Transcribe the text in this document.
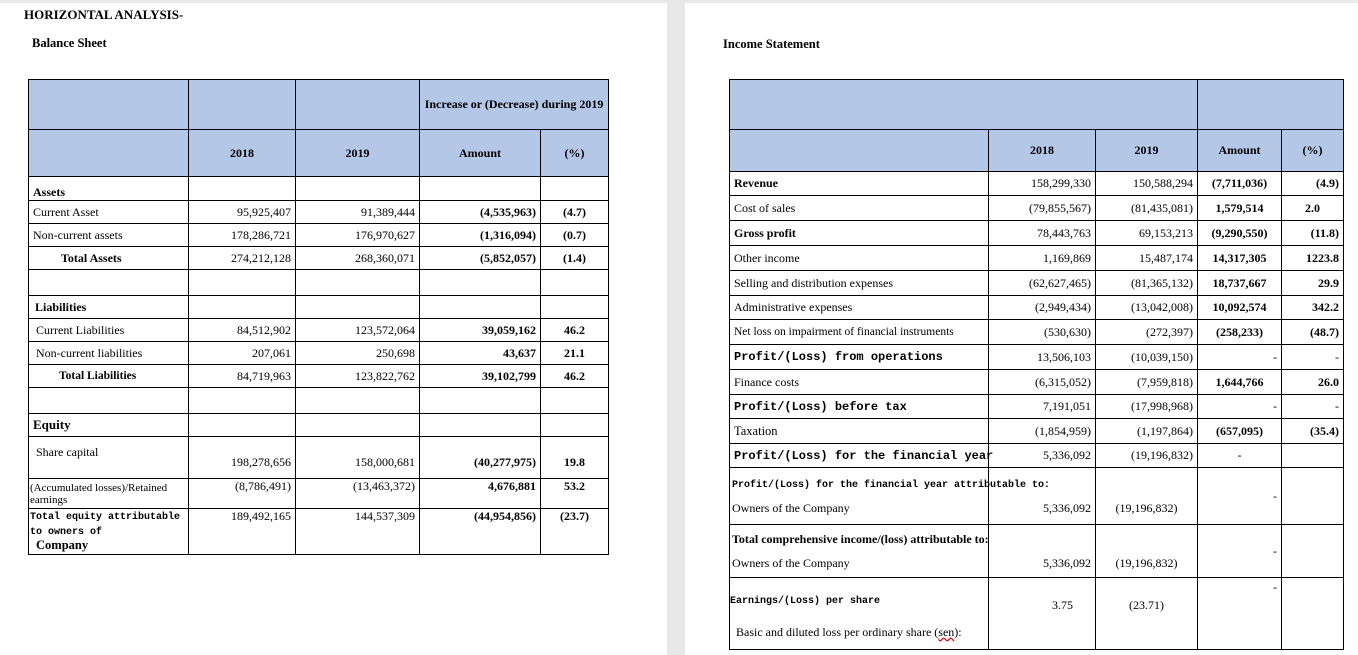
HORIZONTAL ANALYSIS-
Balance Sheet
			Increase or (Decrease) during 2019	
	2018	2019	Amount	(%)
Assets				
Current Asset	95,925,407	91,389,444	(4,535,963)	(4.7)
Non-current assets	178,286,721	176,970,627	(1,316,094)	(0.7)
Total Assets	274,212,128	268,360,071	(5,852,057)	(1.4)

Liabilities				
Current Liabilities	84,512,902	123,572,064	39,059,162	46.2
Non-current liabilities	207,061	250,698	43,637	21.1
Total Liabilities	84,719,963	123,822,762	39,102,799	46.2

Equity				
Share capital	198,278,656	158,000,681	(40,277,975)	19.8
(Accumulated losses)/Retained earnings	(8,786,491)	(13,463,372)	4,676,881	53.2
Total equity attributable to owners of
Company	189,492,165	144,537,309	(44,954,856)	(23.7)
Income Statement

	2018	2019	Amount	(%)
Revenue	158,299,330	150,588,294	(7,711,036)	(4.9)
Cost of sales	(79,855,567)	(81,435,081)	1,579,514	2.0
Gross profit	78,443,763	69,153,213	(9,290,550)	(11.8)
Other income	1,169,869	15,487,174	14,317,305	1223.8
Selling and distribution expenses	(62,627,465)	(81,365,132)	18,737,667	29.9
Administrative expenses	(2,949,434)	(13,042,008)	10,092,574	342.2
Net loss on impairment of financial instruments	(530,630)	(272,397)	(258,233)	(48.7)
Profit/(Loss) from operations	13,506,103	(10,039,150)	-	-
Finance costs	(6,315,052)	(7,959,818)	1,644,766	26.0
Profit/(Loss) before tax	7,191,051	(17,998,968)	-	-
Taxation	(1,854,959)	(1,197,864)	(657,095)	(35.4)
Profit/(Loss) for the financial year	5,336,092	(19,196,832)	-	
Profit/(Loss) for the financial year attributable to:
Owners of the Company	5,336,092	(19,196,832)	-	
Total comprehensive income/(loss) attributable to:
Owners of the Company	5,336,092	(19,196,832)	-	
Earnings/(Loss) per share
Basic and diluted loss per ordinary share (sen):	3.75	(23.71)	-	
